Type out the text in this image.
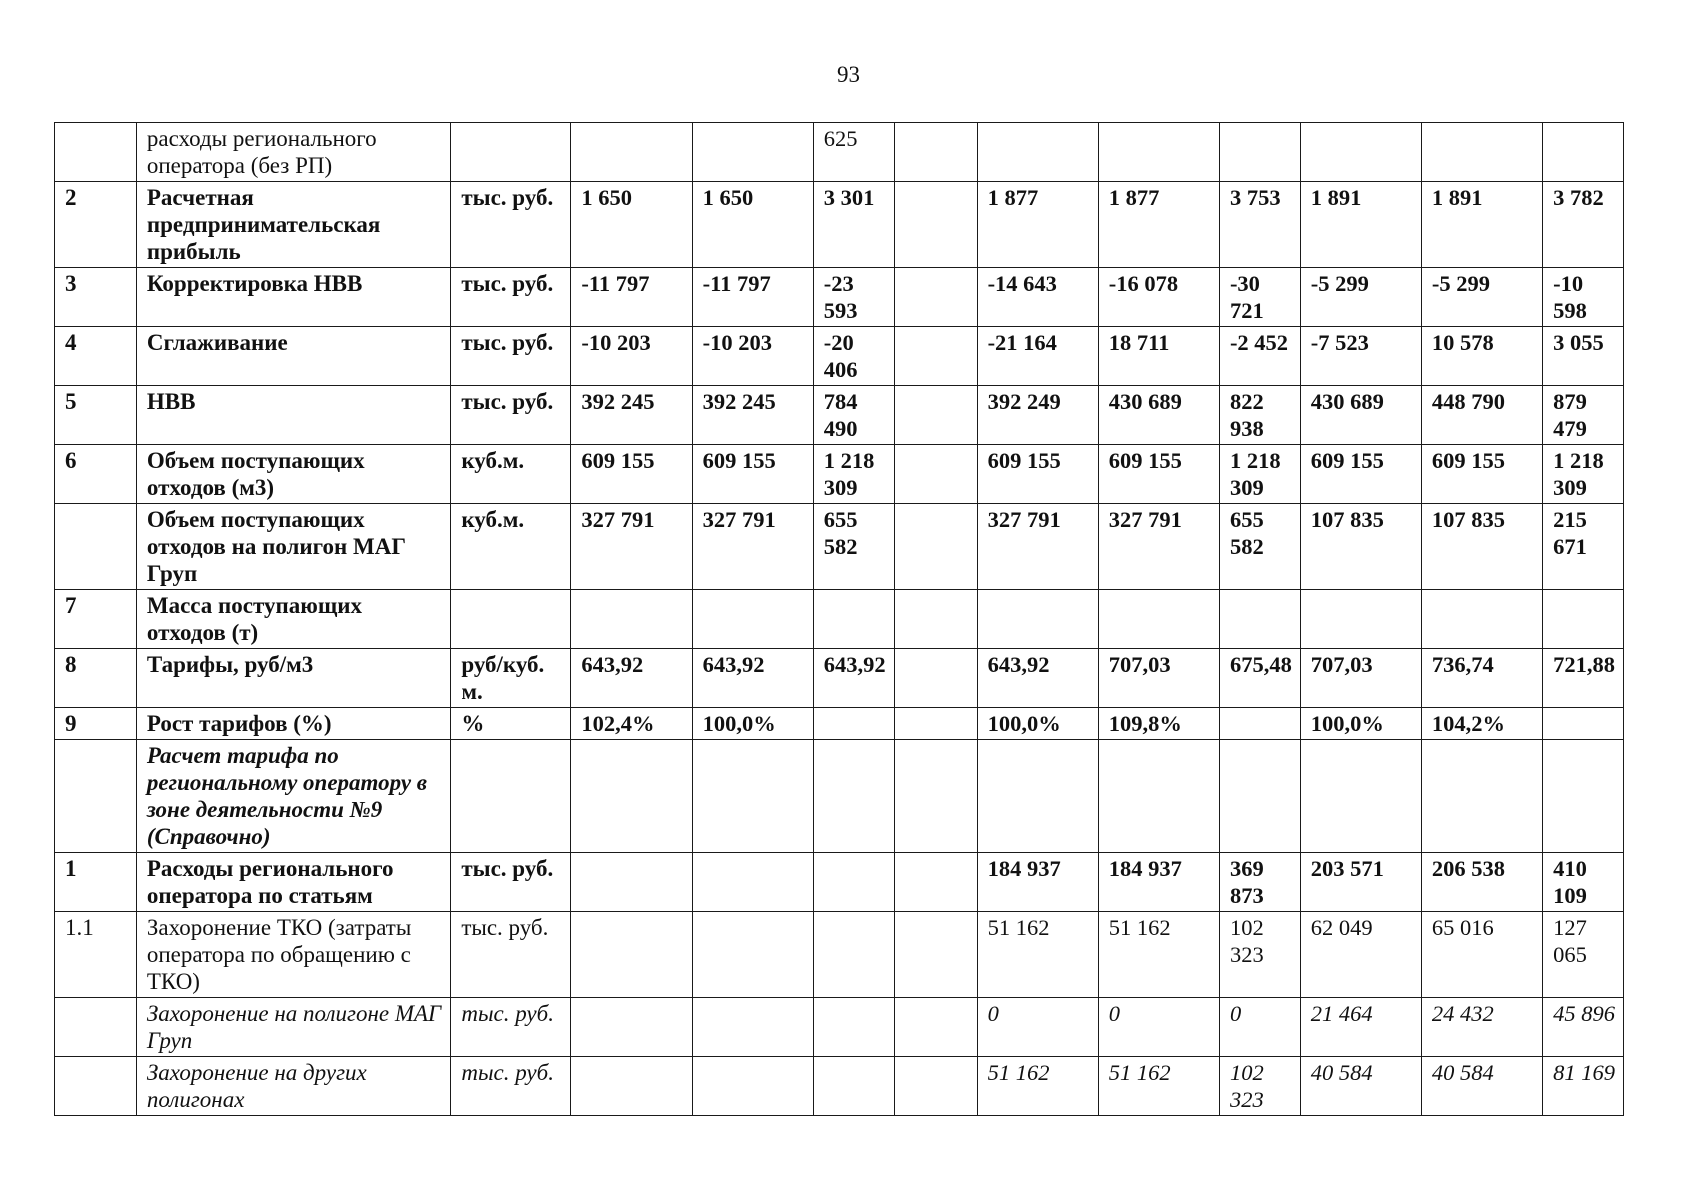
93
	расходы регионального оператора (без РП)				625							
2	Расчетная предпринимательская прибыль	тыс. руб.	1 650	1 650	3 301		1 877	1 877	3 753	1 891	1 891	3 782
3	Корректировка НВВ	тыс. руб.	-11 797	-11 797	-23 593		-14 643	-16 078	-30 721	-5 299	-5 299	-10 598
4	Сглаживание	тыс. руб.	-10 203	-10 203	-20 406		-21 164	18 711	-2 452	-7 523	10 578	3 055
5	НВВ	тыс. руб.	392 245	392 245	784 490		392 249	430 689	822 938	430 689	448 790	879 479
6	Объем поступающих отходов (м3)	куб.м.	609 155	609 155	1 218 309		609 155	609 155	1 218 309	609 155	609 155	1 218 309
	Объем поступающих отходов на полигон МАГ Груп	куб.м.	327 791	327 791	655 582		327 791	327 791	655 582	107 835	107 835	215 671
7	Масса поступающих отходов (т)											
8	Тарифы, руб/м3	руб/куб. м.	643,92	643,92	643,92		643,92	707,03	675,48	707,03	736,74	721,88
9	Рост тарифов (%)	%	102,4%	100,0%			100,0%	109,8%		100,0%	104,2%	
	Расчет тарифа по региональному оператору в зоне деятельности №9 (Справочно)											
1	Расходы регионального оператора по статьям	тыс. руб.					184 937	184 937	369 873	203 571	206 538	410 109
1.1	Захоронение ТКО (затраты оператора по обращению с ТКО)	тыс. руб.					51 162	51 162	102 323	62 049	65 016	127 065
	Захоронение на полигоне МАГ Груп	тыс. руб.					0	0	0	21 464	24 432	45 896
	Захоронение на других полигонах	тыс. руб.					51 162	51 162	102 323	40 584	40 584	81 169
